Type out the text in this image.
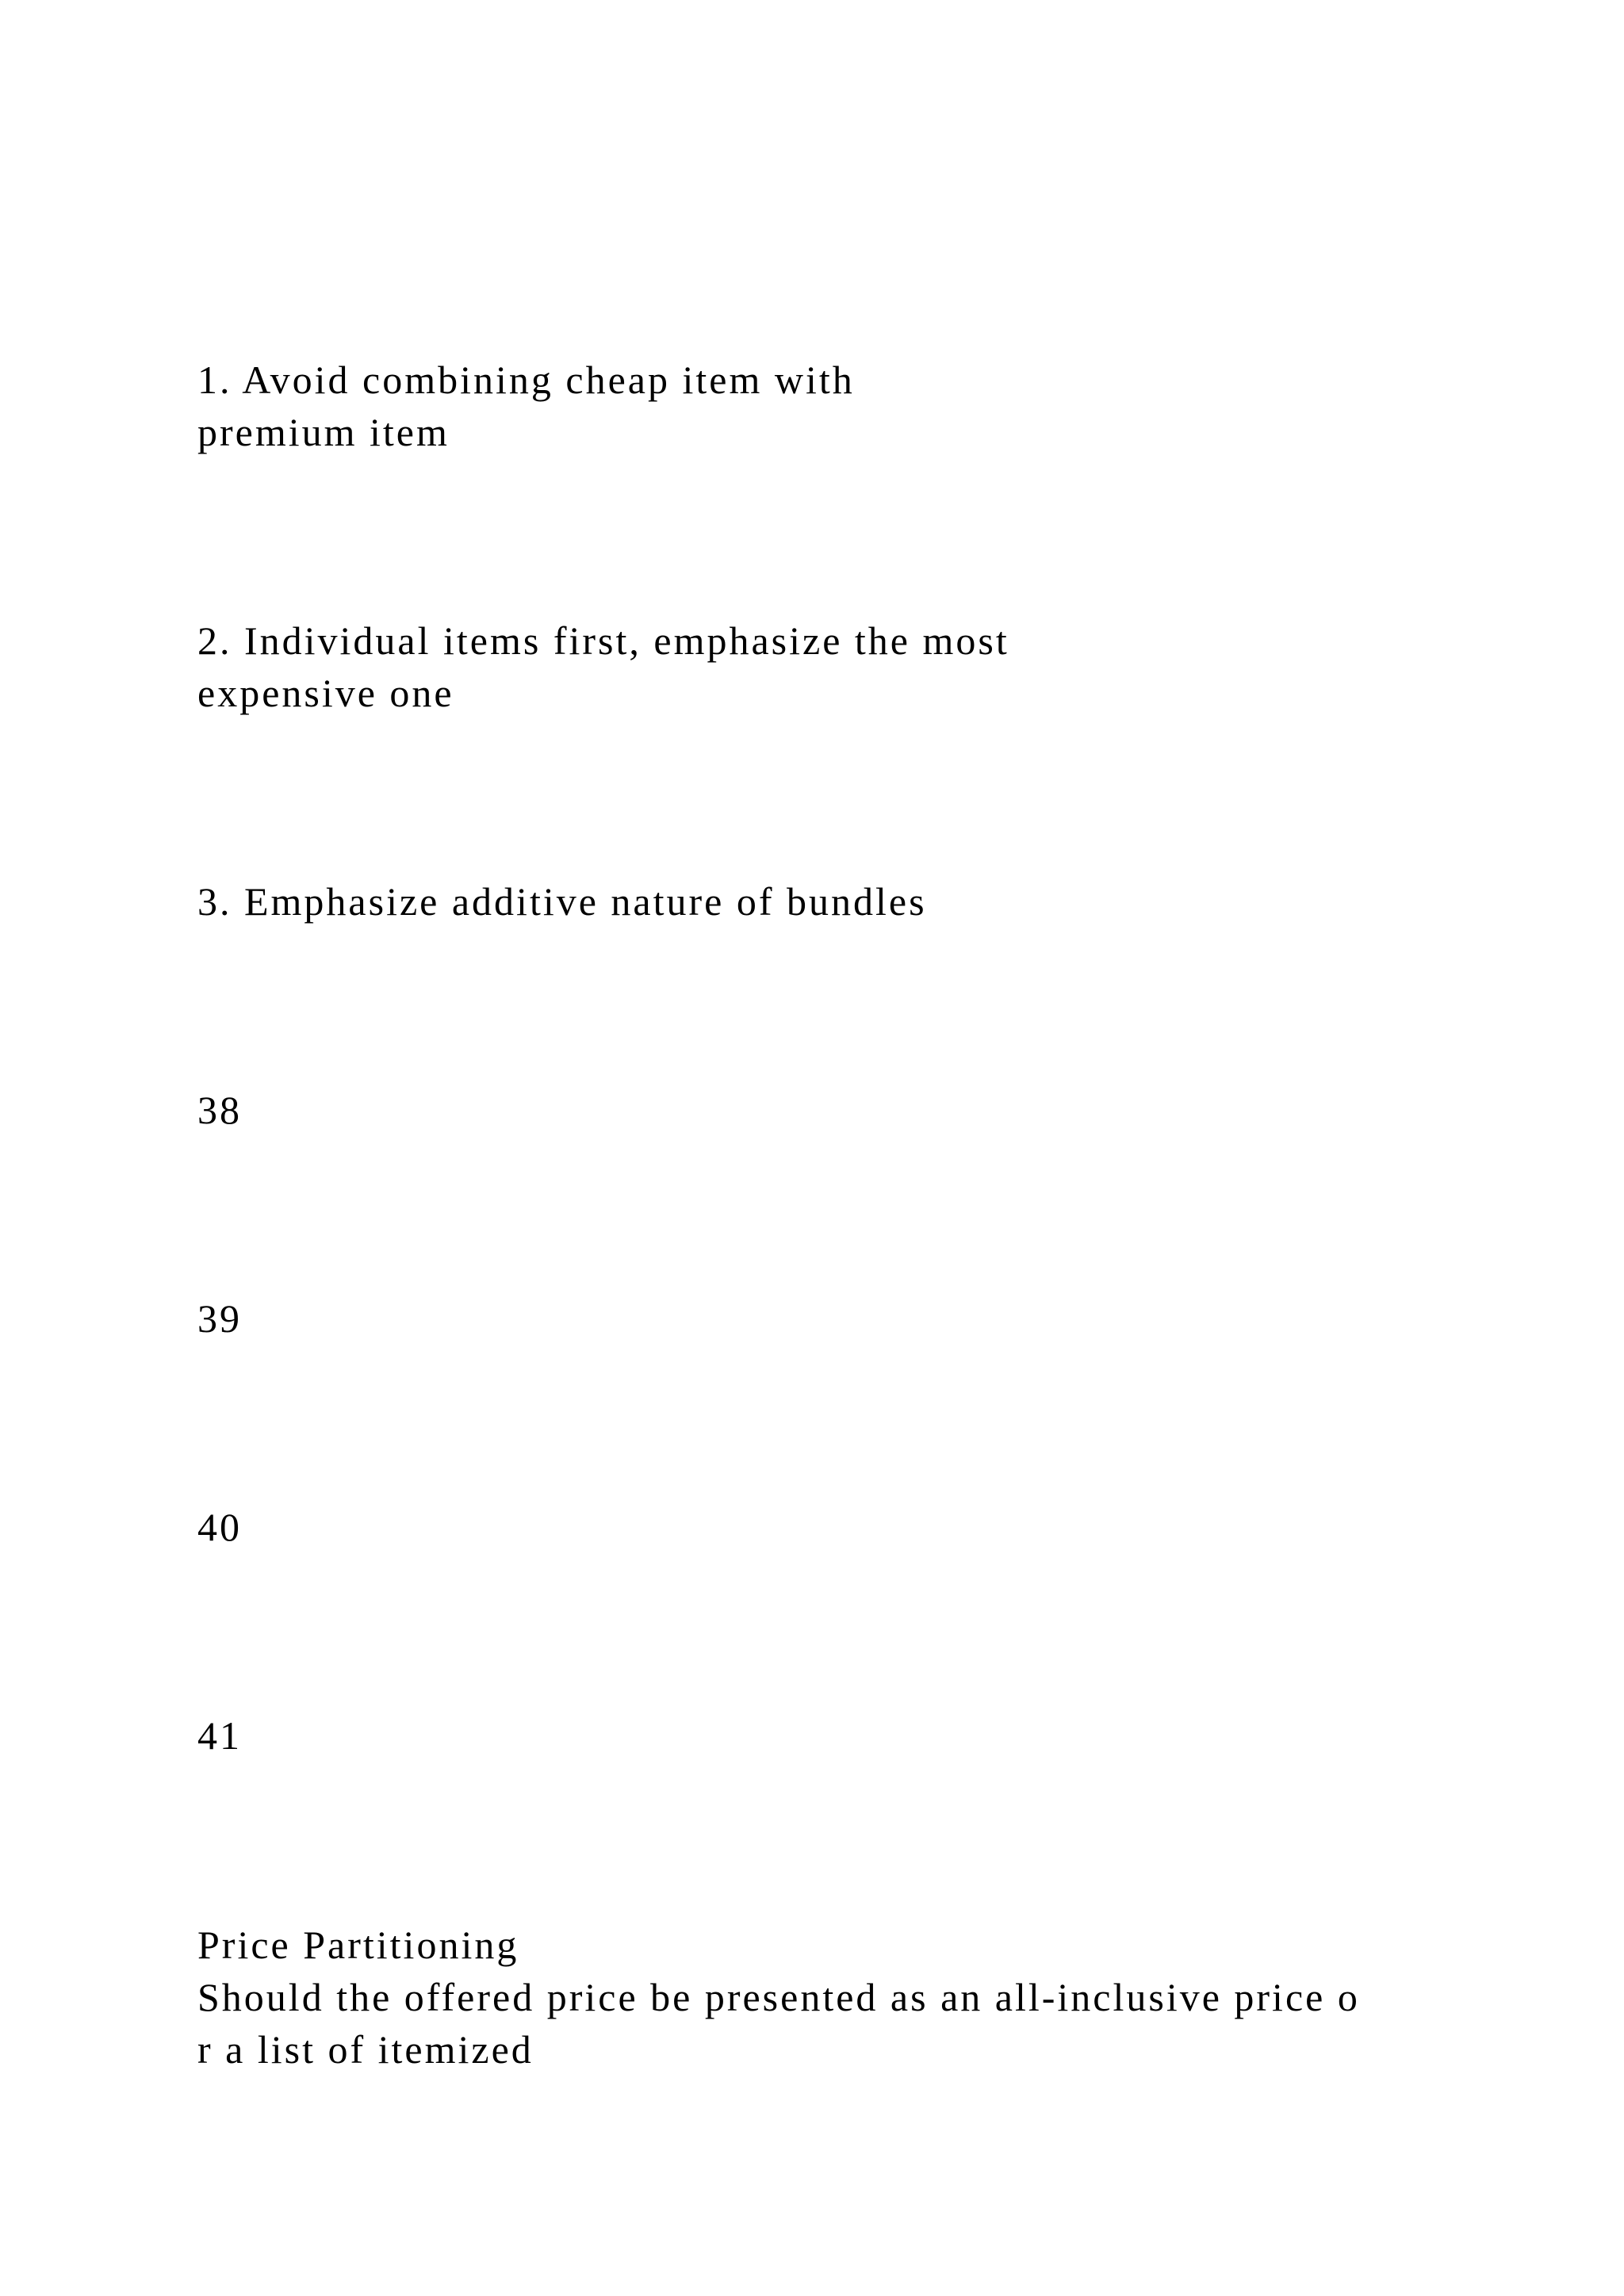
1. Avoid combining cheap item with

premium item

2. Individual items first, emphasize the most

expensive one

3. Emphasize additive nature of bundles

38

39

40

41

Price Partitioning

Should the offered price be presented as an all-inclusive price o

r a list of itemized
